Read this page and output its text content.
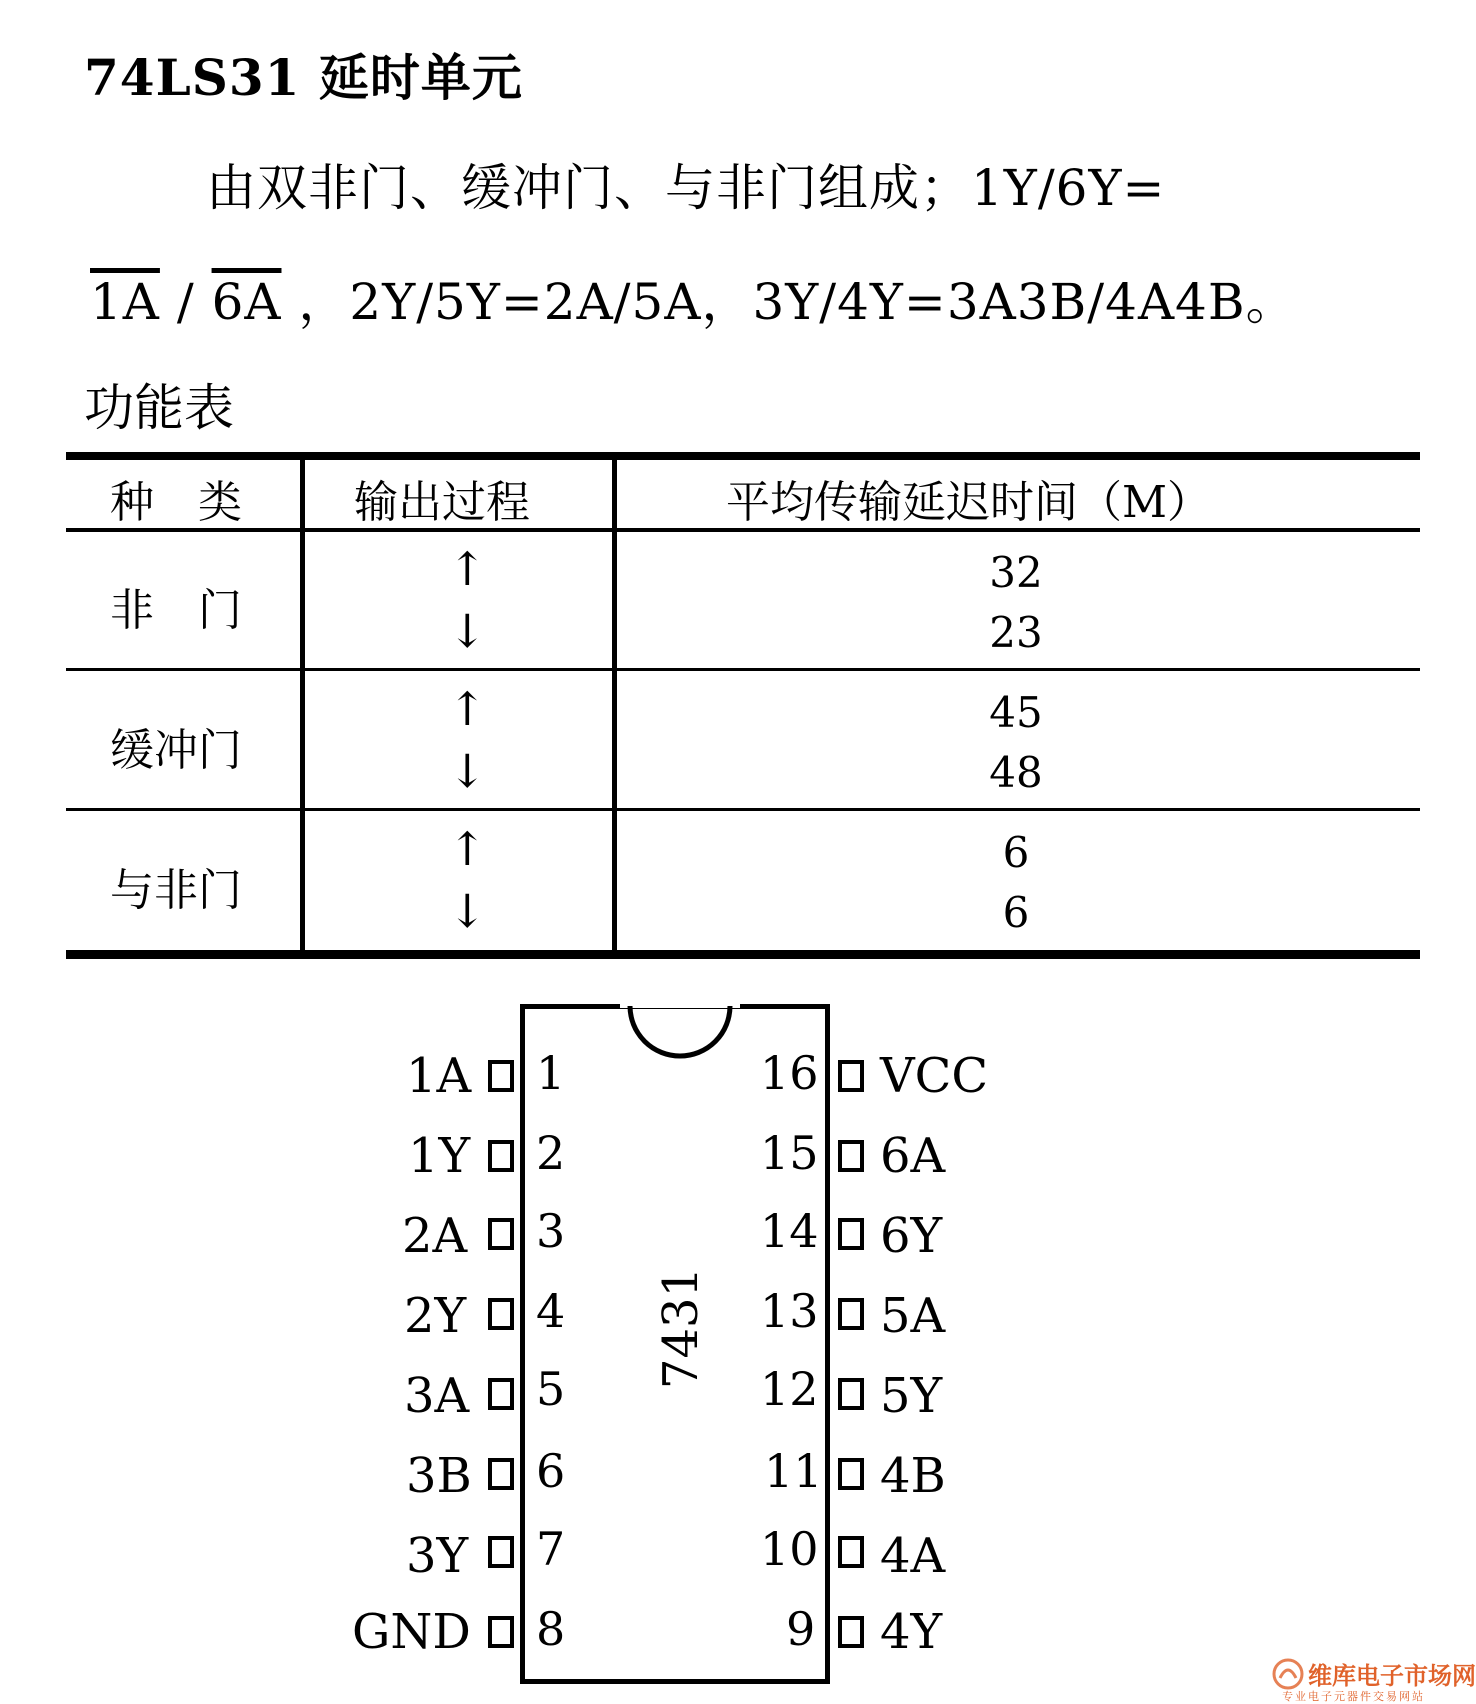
74LS31 延时单元
由双非门、缓冲门、与非门组成；1Y/6Y=
1A / 6A ，2Y/5Y=2A/5A，3Y/4Y=3A3B/4A4B。
功能表
种　类	输出过程	平均传输延迟时间（M）
非　门
↑
↓
32
23
缓冲门
↑
↓
45
48
与非门
↑
↓
6
6
7431
1A 1
1Y 2
2A 3
2Y 4
3A 5
3B 6
3Y 7
GND 8
16 VCC
15 6A
14 6Y
13 5A
12 5Y
11 4B
10 4A
9 4Y
维库电子市场网
专业电子元器件交易网站
